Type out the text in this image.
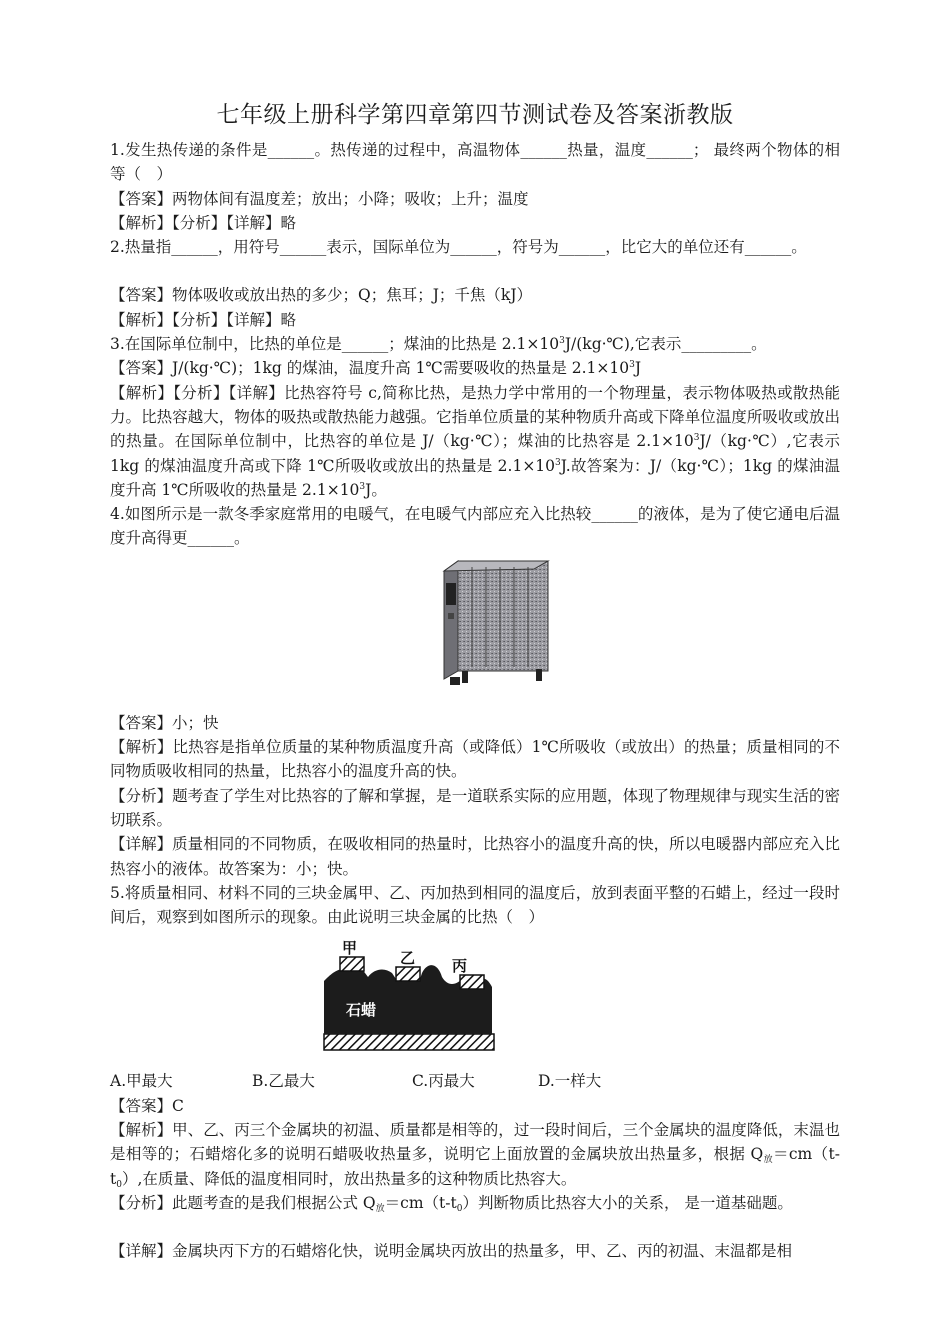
七年级上册科学第四章第四节测试卷及答案浙教版

1.发生热传递的条件是______。热传递的过程中，高温物体______热量，温度______； 最终两个物体的相等（　）

【答案】两物体间有温度差；放出；小降；吸收；上升；温度

【解析】【分析】【详解】略

2.热量指______，用符号______表示，国际单位为______，符号为______，比它大的单位还有______。

【答案】物体吸收或放出热的多少；Q；焦耳；J；千焦（kJ）

【解析】【分析】【详解】略

3.在国际单位制中，比热的单位是______；煤油的比热是 $2.1\times 10^3J/(kg\cdot℃)$,它表示_________。

【答案】J/(kg·℃)；1kg 的煤油，温度升高 1℃需要吸收的热量是 $2.1\times 10^3J$

【解析】【分析】【详解】比热容符号 c,简称比热，是热力学中常用的一个物理量，表示物体吸热或散热能力。比热容越大，物体的吸热或散热能力越强。它指单位质量的某种物质升高或下降单位温度所吸收或放出的热量。在国际单位制中，比热容的单位是 J/（kg·℃）；煤油的比热容是 $2.1\times 10^3J/(kg\cdot℃)$,它表示 1kg 的煤油温度升高或下降 1℃所吸收或放出的热量是 $2.1\times 10^3J$.故答案为：J/（kg·℃）；1kg 的煤油温度升高 1℃所吸收的热量是 $2.1\times 10^3J$。

4.如图所示是一款冬季家庭常用的电暖气，在电暖气内部应充入比热较______的液体，是为了使它通电后温度升高得更______。

【答案】小；快

【解析】比热容是指单位质量的某种物质温度升高（或降低）1℃所吸收（或放出）的热量；质量相同的不同物质吸收相同的热量，比热容小的温度升高的快。

【分析】题考查了学生对比热容的了解和掌握，是一道联系实际的应用题，体现了物理规律与现实生活的密切联系。

【详解】质量相同的不同物质，在吸收相同的热量时，比热容小的温度升高的快，所以电暖器内部应充入比热容小的液体。故答案为：小；快。

5.将质量相同、材料不同的三块金属甲、乙、丙加热到相同的温度后，放到表面平整的石蜡上，经过一段时间后，观察到如图所示的现象。由此说明三块金属的比热（　）

甲
乙 丙
石蜡

A.甲最大	B.乙最大	C.丙最大	D.一样大

【答案】C

【解析】甲、乙、丙三个金属块的初温、质量都是相等的，过一段时间后，三个金属块的温度降低，末温也是相等的；石蜡熔化多的说明石蜡吸收热量多，说明它上面放置的金属块放出热量多，根据 $Q_放=cm(t-t_0)$,在质量、降低的温度相同时，放出热量多的这种物质比热容大。

【分析】此题考查的是我们根据公式 $Q_放=cm(t-t_0)$判断物质比热容大小的关系， 是一道基础题。

【详解】金属块丙下方的石蜡熔化快，说明金属块丙放出的热量多，甲、乙、丙的初温、末温都是相
